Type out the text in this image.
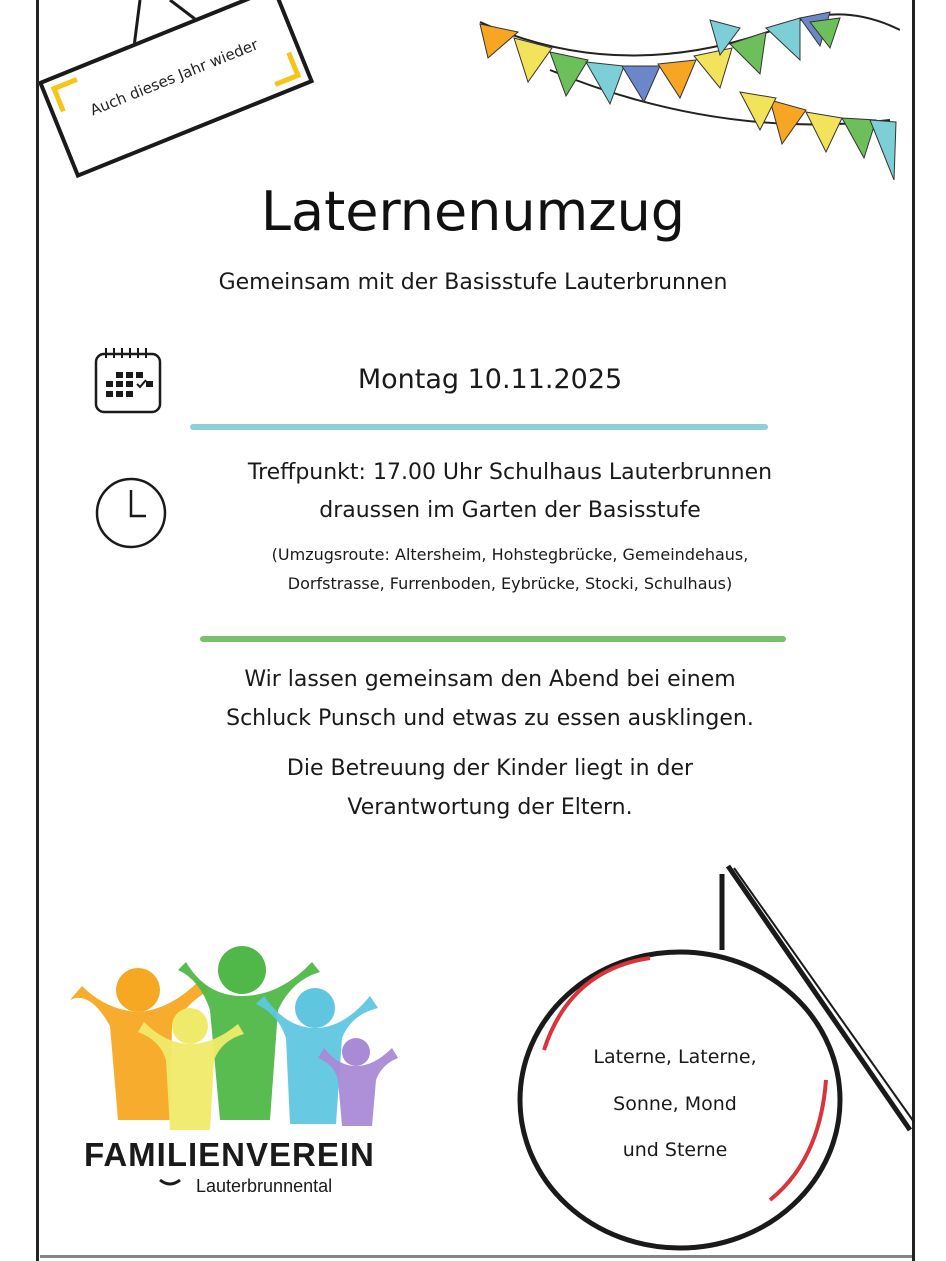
Auch dieses Jahr wieder
Laternenumzug
Gemeinsam mit der Basisstufe Lauterbrunnen
Montag 10.11.2025
Treffpunkt: 17.00 Uhr Schulhaus Lauterbrunnen
draussen im Garten der Basisstufe
(Umzugsroute: Altersheim, Hohstegbrücke, Gemeindehaus,
Dorfstrasse, Furrenboden, Eybrücke, Stocki, Schulhaus)
Wir lassen gemeinsam den Abend bei einem
Schluck Punsch und etwas zu essen ausklingen.
Die Betreuung der Kinder liegt in der
Verantwortung der Eltern.
FAMILIENVEREIN
Lauterbrunnental
Laterne, Laterne,
Sonne, Mond
und Sterne
